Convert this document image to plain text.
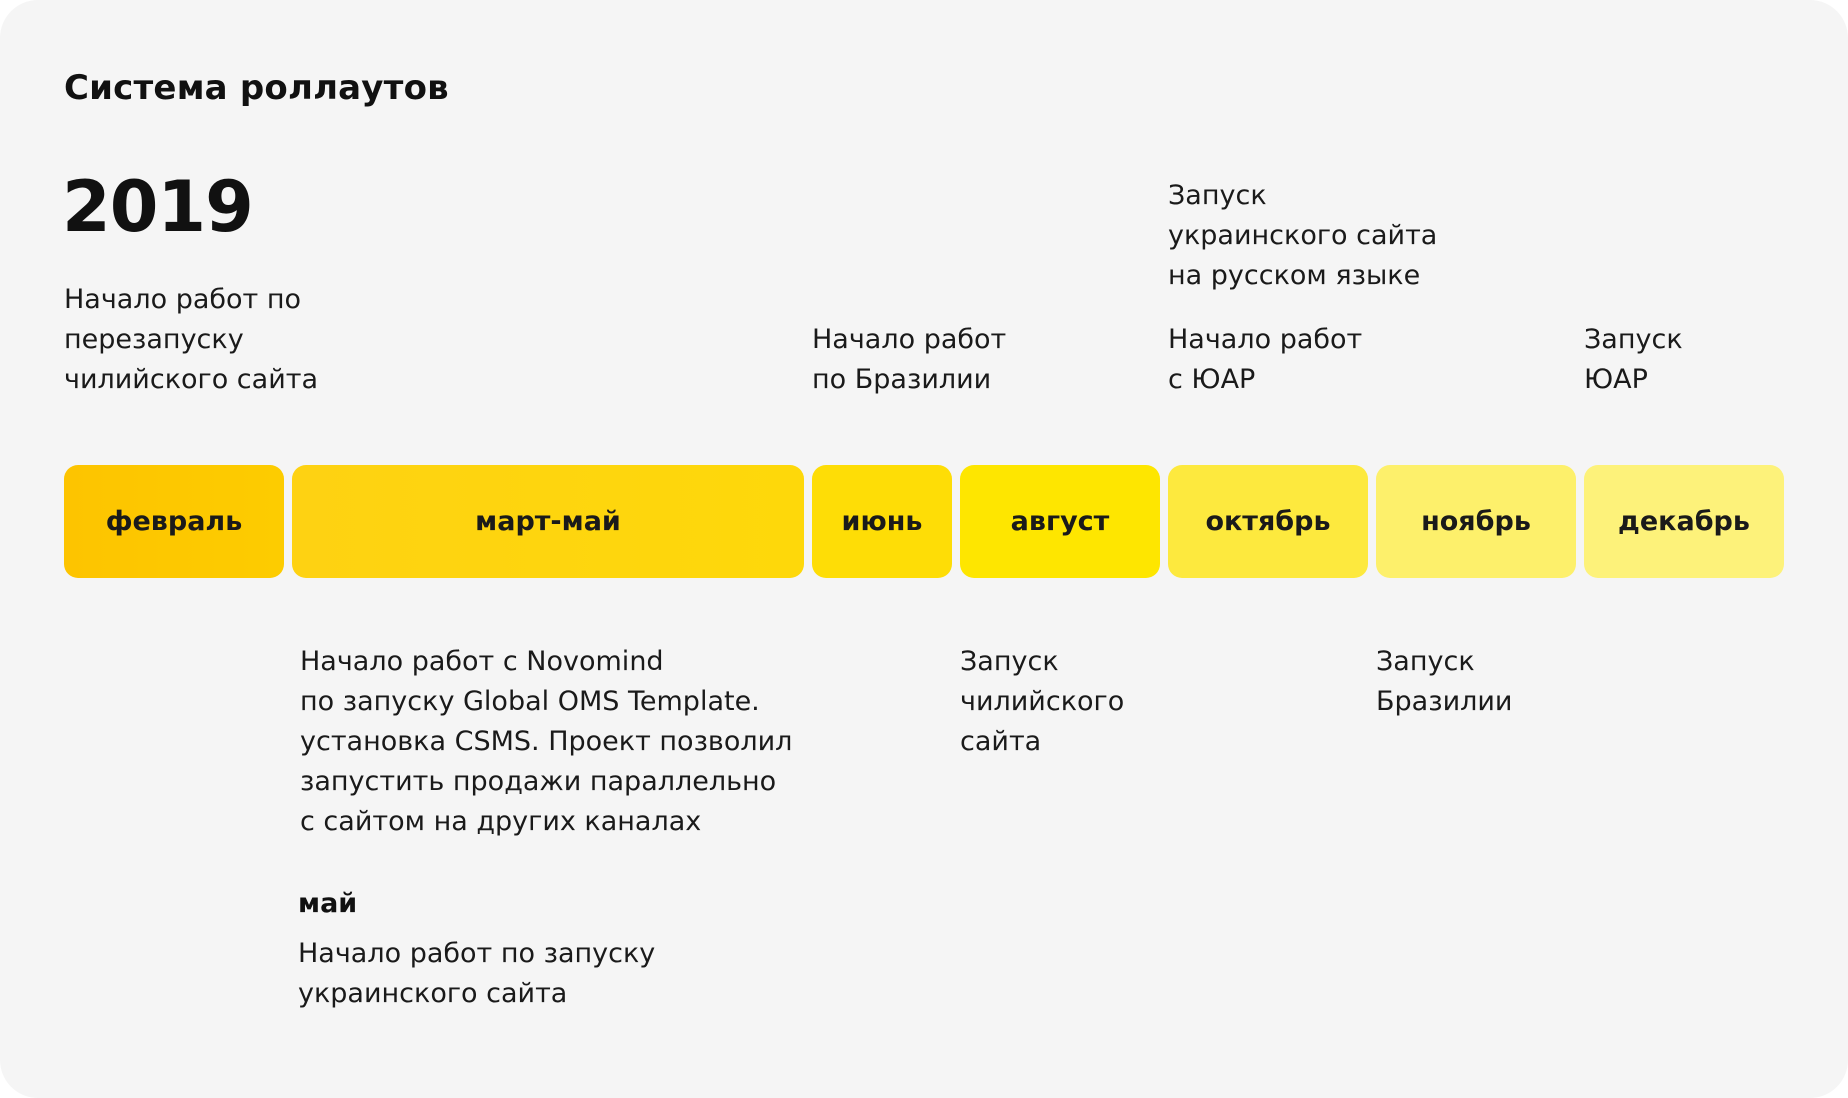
Система роллаутов
2019
Начало работ по
перезапуску
чилийского сайта
Начало работ
по Бразилии
Запуск
украинского сайта
на русском языке
Начало работ
с ЮАР
Запуск
ЮАР
февраль	март-май	июнь	август	октябрь	ноябрь	декабрь
Начало работ с Novomind
по запуску Global OMS Template.
установка CSMS. Проект позволил
запустить продажи параллельно
с сайтом на других каналах
Запуск
чилийского
сайта
Запуск
Бразилии
май
Начало работ по запуску
украинского сайта
